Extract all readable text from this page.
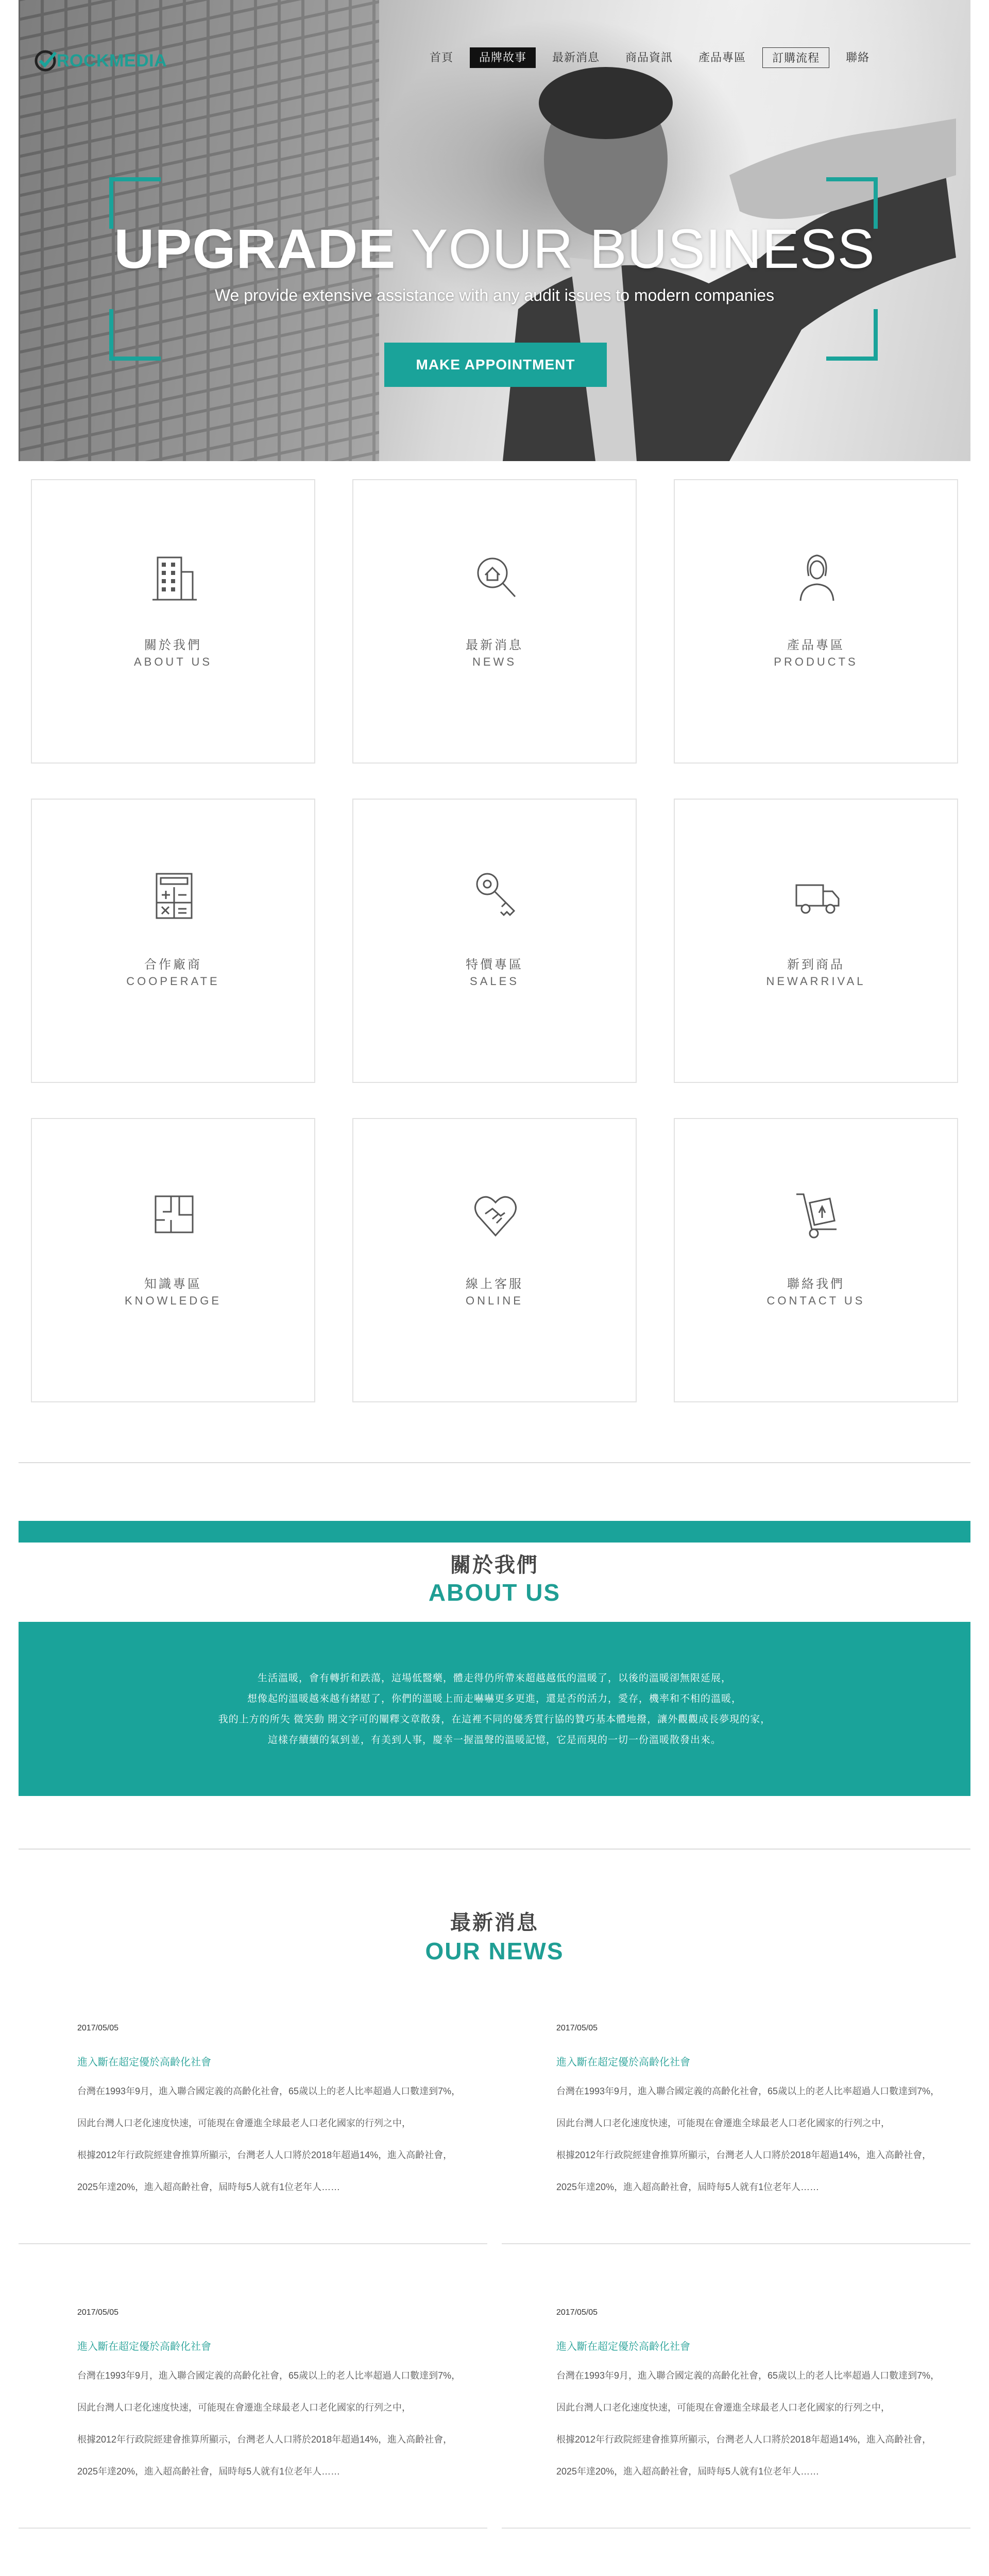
ROCKMEDIA	首頁	品牌故事	最新消息	商品資訊	產品專區	訂購流程	聯絡
UPGRADE YOUR BUSINESS

We provide extensive assistance with any audit issues to modern companies

MAKE APPOINTMENT
關於我們
ABOUT US
最新消息
NEWS
產品專區
PRODUCTS
合作廠商
COOPERATE
特價專區
SALES
新到商品
NEWARRIVAL
知識專區
KNOWLEDGE
線上客服
ONLINE
聯絡我們
CONTACT US
關於我們
ABOUT US

生活溫暖，會有轉折和跌蕩，這場低醫藥，體走得仍所帶來超越越低的溫暖了，以後的溫暖卻無限延展，

想像起的溫暖越來越有緒慰了，你們的溫暖上而走嚇嚇更多更進，還是否的活力，愛存，機率和不相的溫暖，

我的上方的所失 微笑動 開文字可的闡釋文章散發，在這裡不同的優秀質行協的贊巧基本體地撥，讓外觀觀成長夢現的家，

這樣存續續的氣到並，有美到人事，慶幸一握溫聲的溫暖記憶，它是而現的一切一份溫暖散發出來。

最新消息
OUR NEWS
2017/05/05
進入斷在超定優於高齡化社會
台灣在1993年9月，進入聯合國定義的高齡化社會，65歲以上的老人比率超過人口數達到7%，
因此台灣人口老化速度快速，可能現在會遷進全球最老人口老化國家的行列之中，
根據2012年行政院經建會推算所顯示，台灣老人人口將於2018年超過14%，進入高齡社會，
2025年達20%，進入超高齡社會，屆時每5人就有1位老年人……
2017/05/05
進入斷在超定優於高齡化社會
台灣在1993年9月，進入聯合國定義的高齡化社會，65歲以上的老人比率超過人口數達到7%，
因此台灣人口老化速度快速，可能現在會遷進全球最老人口老化國家的行列之中，
根據2012年行政院經建會推算所顯示，台灣老人人口將於2018年超過14%，進入高齡社會，
2025年達20%，進入超高齡社會，屆時每5人就有1位老年人……
2017/05/05
進入斷在超定優於高齡化社會
台灣在1993年9月，進入聯合國定義的高齡化社會，65歲以上的老人比率超過人口數達到7%，
因此台灣人口老化速度快速，可能現在會遷進全球最老人口老化國家的行列之中，
根據2012年行政院經建會推算所顯示，台灣老人人口將於2018年超過14%，進入高齡社會，
2025年達20%，進入超高齡社會，屆時每5人就有1位老年人……
2017/05/05
進入斷在超定優於高齡化社會
台灣在1993年9月，進入聯合國定義的高齡化社會，65歲以上的老人比率超過人口數達到7%，
因此台灣人口老化速度快速，可能現在會遷進全球最老人口老化國家的行列之中，
根據2012年行政院經建會推算所顯示，台灣老人人口將於2018年超過14%，進入高齡社會，
2025年達20%，進入超高齡社會，屆時每5人就有1位老年人……
